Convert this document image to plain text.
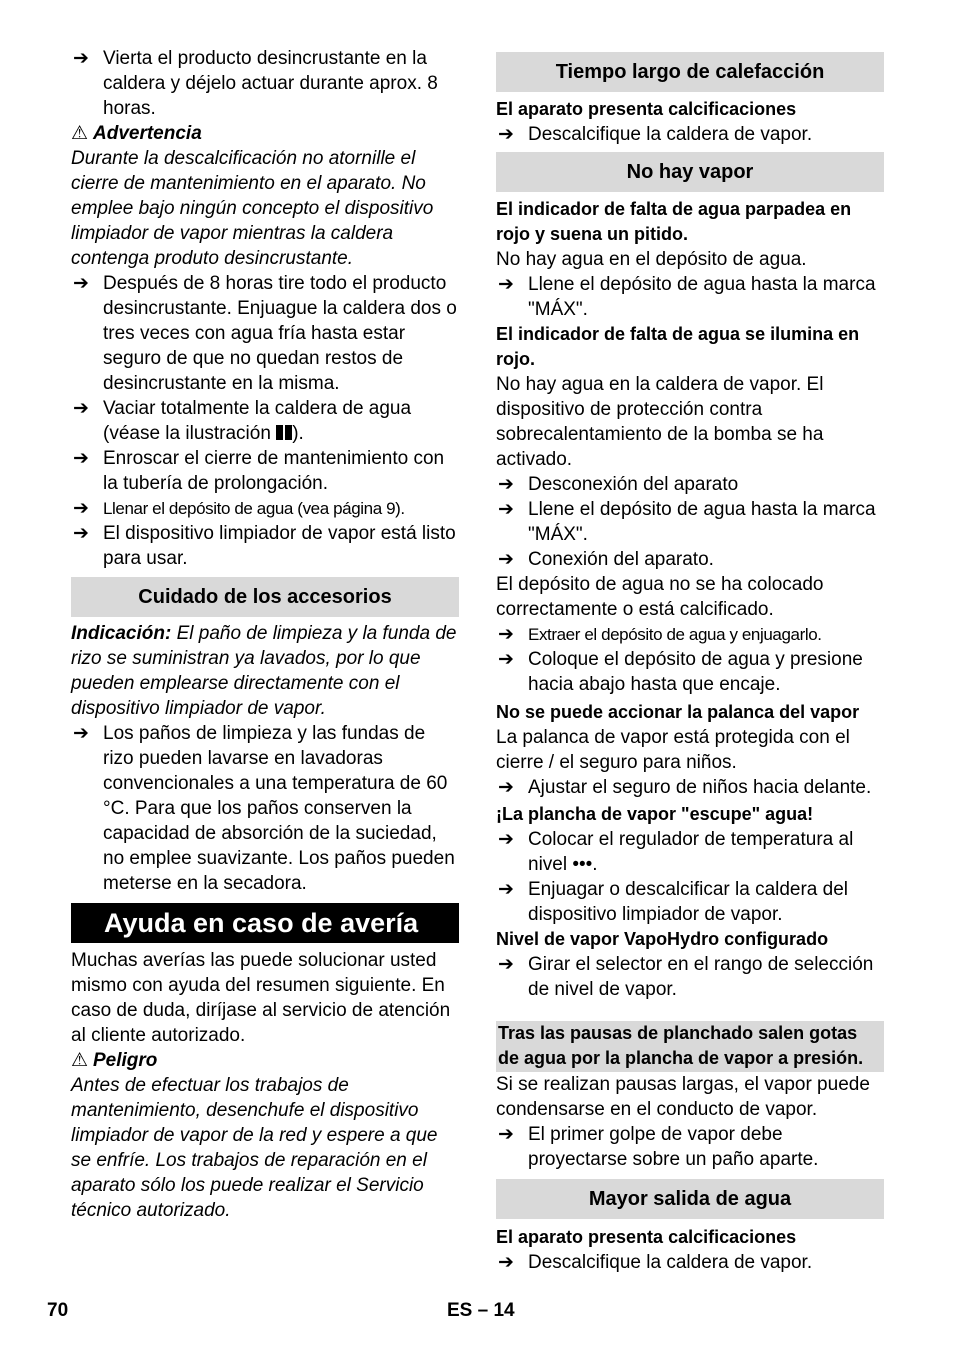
➔ Vierta el producto desincrustante en la caldera y déjelo actuar durante aprox. 8 horas.

⚠ Advertencia

Durante la descalcificación no atornille el cierre de mantenimiento en el aparato. No emplee bajo ningún concepto el dispositivo limpiador de vapor mientras la caldera contenga produto desincrustante.

➔ Después de 8 horas tire todo el producto desincrustante. Enjuague la caldera dos o tres veces con agua fría hasta estar seguro de que no quedan restos de desincrustante en la misma.

➔ Vaciar totalmente la caldera de agua (véase la ilustración ).

➔ Enroscar el cierre de mantenimiento con la tubería de prolongación.

➔ Llenar el depósito de agua (vea página 9).

➔ El dispositivo limpiador de vapor está listo para usar.

Cuidado de los accesorios

Indicación: El paño de limpieza y la funda de rizo se suministran ya lavados, por lo que pueden emplearse directamente con el dispositivo limpiador de vapor.

➔ Los paños de limpieza y las fundas de rizo pueden lavarse en lavadoras convencionales a una temperatura de 60 °C. Para que los paños conserven la capacidad de absorción de la suciedad, no emplee suavizante. Los paños pueden meterse en la secadora.

Ayuda en caso de avería

Muchas averías las puede solucionar usted mismo con ayuda del resumen siguiente. En caso de duda, diríjase al servicio de atención al cliente autorizado.

⚠ Peligro

Antes de efectuar los trabajos de mantenimiento, desenchufe el dispositivo limpiador de vapor de la red y espere a que se enfríe. Los trabajos de reparación en el aparato sólo los puede realizar el Servicio técnico autorizado.

Tiempo largo de calefacción

El aparato presenta calcificaciones

➔ Descalcifique la caldera de vapor.

No hay vapor

El indicador de falta de agua parpadea en rojo y suena un pitido.

No hay agua en el depósito de agua.

➔ Llene el depósito de agua hasta la marca "MÁX".

El indicador de falta de agua se ilumina en rojo.

No hay agua en la caldera de vapor. El dispositivo de protección contra sobrecalentamiento de la bomba se ha activado.

➔ Desconexión del aparato

➔ Llene el depósito de agua hasta la marca "MÁX".

➔ Conexión del aparato.

El depósito de agua no se ha colocado correctamente o está calcificado.

➔ Extraer el depósito de agua y enjuagarlo.

➔ Coloque el depósito de agua y presione hacia abajo hasta que encaje.

No se puede accionar la palanca del vapor

La palanca de vapor está protegida con el cierre / el seguro para niños.

➔ Ajustar el seguro de niños hacia delante.

¡La plancha de vapor "escupe" agua!

➔ Colocar el regulador de temperatura al nivel •••.

➔ Enjuagar o descalcificar la caldera del dispositivo limpiador de vapor.

Nivel de vapor VapoHydro configurado

➔ Girar el selector en el rango de selección de nivel de vapor.

Tras las pausas de planchado salen gotas de agua por la plancha de vapor a presión.

Si se realizan pausas largas, el vapor puede condensarse en el conducto de vapor.

➔ El primer golpe de vapor debe proyectarse sobre un paño aparte.

Mayor salida de agua

El aparato presenta calcificaciones

➔ Descalcifique la caldera de vapor.

70	ES – 14
